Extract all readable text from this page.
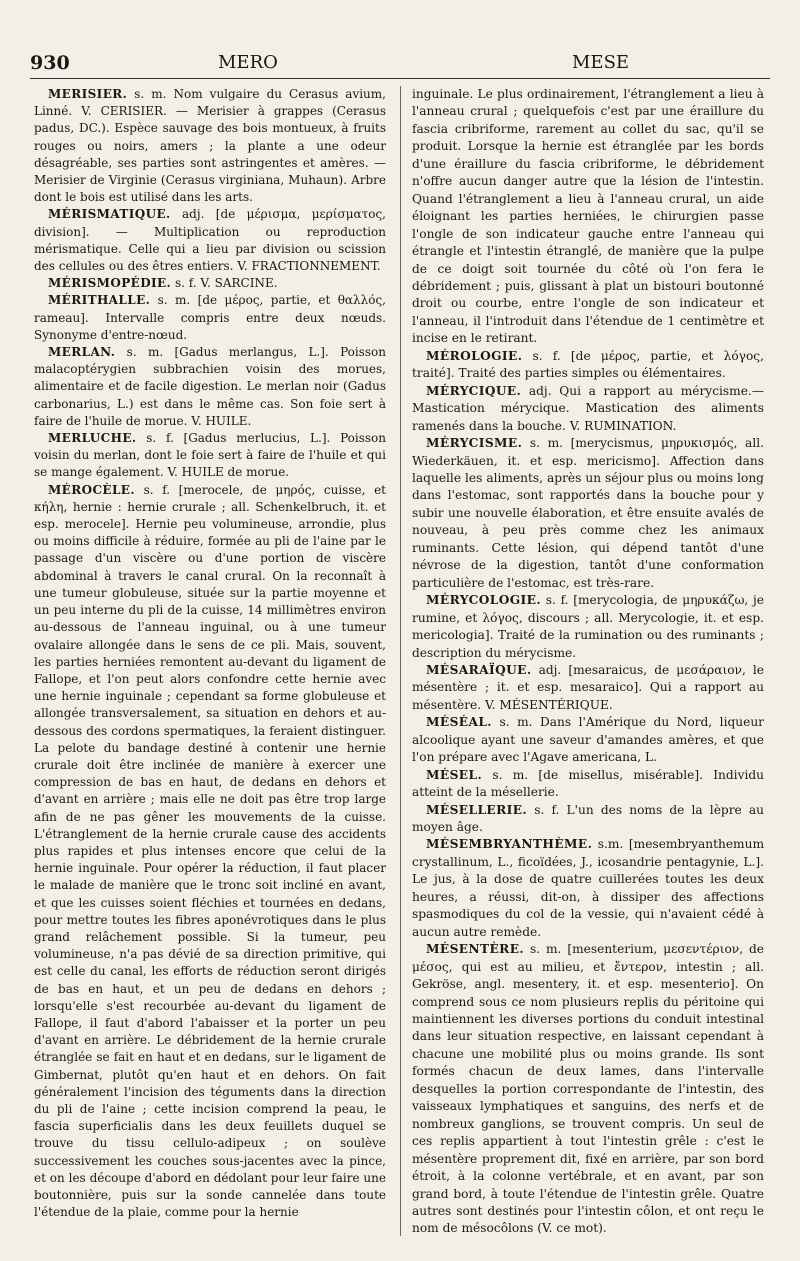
930	MERO	MESE

MERISIER. s. m. Nom vulgaire du Cerasus avium, Linné. V. CERISIER. — Merisier à grappes (Cerasus padus, DC.). Espèce sauvage des bois montueux, à fruits rouges ou noirs, amers ; la plante a une odeur désagréable, ses parties sont astringentes et amères. —Merisier de Virginie (Cerasus virginiana, Muhaun). Arbre dont le bois est utilisé dans les arts.

MÉRISMATIQUE. adj. [de μέρισμα, μερίσματος, division]. — Multiplication ou reproduction mérismatique. Celle qui a lieu par division ou scission des cellules ou des êtres entiers. V. FRACTIONNEMENT.

MÉRISMOPÉDIE. s. f. V. SARCINE.

MÉRITHALLE. s. m. [de μέρος, partie, et θαλλός, rameau]. Intervalle compris entre deux nœuds. Synonyme d'entre-nœud.

MERLAN. s. m. [Gadus merlangus, L.]. Poisson malacoptérygien subbrachien voisin des morues, alimentaire et de facile digestion. Le merlan noir (Gadus carbonarius, L.) est dans le même cas. Son foie sert à faire de l'huile de morue. V. HUILE.

MERLUCHE. s. f. [Gadus merlucius, L.]. Poisson voisin du merlan, dont le foie sert à faire de l'huile et qui se mange également. V. HUILE de morue.

MÉROCÈLE. s. f. [merocele, de μηρός, cuisse, et κήλη, hernie : hernie crurale ; all. Schenkelbruch, it. et esp. merocele]. Hernie peu volumineuse, arrondie, plus ou moins difficile à réduire, formée au pli de l'aine par le passage d'un viscère ou d'une portion de viscère abdominal à travers le canal crural. On la reconnaît à une tumeur globuleuse, située sur la partie moyenne et un peu interne du pli de la cuisse, 14 millimètres environ au-dessous de l'anneau inguinal, ou à une tumeur ovalaire allongée dans le sens de ce pli. Mais, souvent, les parties herniées remontent au-devant du ligament de Fallope, et l'on peut alors confondre cette hernie avec une hernie inguinale ; cependant sa forme globuleuse et allongée transversalement, sa situation en dehors et au-dessous des cordons spermatiques, la feraient distinguer. La pelote du bandage destiné à contenir une hernie crurale doit être inclinée de manière à exercer une compression de bas en haut, de dedans en dehors et d'avant en arrière ; mais elle ne doit pas être trop large afin de ne pas gêner les mouvements de la cuisse. L'étranglement de la hernie crurale cause des accidents plus rapides et plus intenses encore que celui de la hernie inguinale. Pour opérer la réduction, il faut placer le malade de manière que le tronc soit incliné en avant, et que les cuisses soient fléchies et tournées en dedans, pour mettre toutes les fibres aponévrotiques dans le plus grand relâchement possible. Si la tumeur, peu volumineuse, n'a pas dévié de sa direction primitive, qui est celle du canal, les efforts de réduction seront dirigés de bas en haut, et un peu de dedans en dehors ; lorsqu'elle s'est recourbée au-devant du ligament de Fallope, il faut d'abord l'abaisser et la porter un peu d'avant en arrière. Le débridement de la hernie crurale étranglée se fait en haut et en dedans, sur le ligament de Gimbernat, plutôt qu'en haut et en dehors. On fait généralement l'incision des téguments dans la direction du pli de l'aine ; cette incision comprend la peau, le fascia superficialis dans les deux feuillets duquel se trouve du tissu cellulo-adipeux ; on soulève successivement les couches sous-jacentes avec la pince, et on les découpe d'abord en dédolant pour leur faire une boutonnière, puis sur la sonde cannelée dans toute l'étendue de la plaie, comme pour la hernie

inguinale. Le plus ordinairement, l'étranglement a lieu à l'anneau crural ; quelquefois c'est par une éraillure du fascia cribriforme, rarement au collet du sac, qu'il se produit. Lorsque la hernie est étranglée par les bords d'une éraillure du fascia cribriforme, le débridement n'offre aucun danger autre que la lésion de l'intestin. Quand l'étranglement a lieu à l'anneau crural, un aide éloignant les parties herniées, le chirurgien passe l'ongle de son indicateur gauche entre l'anneau qui étrangle et l'intestin étranglé, de manière que la pulpe de ce doigt soit tournée du côté où l'on fera le débridement ; puis, glissant à plat un bistouri boutonné droit ou courbe, entre l'ongle de son indicateur et l'anneau, il l'introduit dans l'étendue de 1 centimètre et incise en le retirant.

MÉROLOGIE. s. f. [de μέρος, partie, et λόγος, traité]. Traité des parties simples ou élémentaires.

MÉRYCIQUE. adj. Qui a rapport au mérycisme.— Mastication mérycique. Mastication des aliments ramenés dans la bouche. V. RUMINATION.

MÉRYCISME. s. m. [merycismus, μηρυκισμός, all. Wiederkäuen, it. et esp. mericismo]. Affection dans laquelle les aliments, après un séjour plus ou moins long dans l'estomac, sont rapportés dans la bouche pour y subir une nouvelle élaboration, et être ensuite avalés de nouveau, à peu près comme chez les animaux ruminants. Cette lésion, qui dépend tantôt d'une névrose de la digestion, tantôt d'une conformation particulière de l'estomac, est très-rare.

MÉRYCOLOGIE. s. f. [merycologia, de μηρυκάζω, je rumine, et λόγος, discours ; all. Merycologie, it. et esp. mericologia]. Traité de la rumination ou des ruminants ; description du mérycisme.

MÉSARAÏQUE. adj. [mesaraicus, de μεσάραιον, le mésentère ; it. et esp. mesaraico]. Qui a rapport au mésentère. V. MÉSENTÉRIQUE.

MÉSÉAL. s. m. Dans l'Amérique du Nord, liqueur alcoolique ayant une saveur d'amandes amères, et que l'on prépare avec l'Agave americana, L.

MÉSEL. s. m. [de misellus, misérable]. Individu atteint de la mésellerie.

MÉSELLERIE. s. f. L'un des noms de la lèpre au moyen âge.

MÉSEMBRYANTHÈME. s.m. [mesembryanthemum crystallinum, L., ficoïdées, J., icosandrie pentagynie, L.]. Le jus, à la dose de quatre cuillerées toutes les deux heures, a réussi, dit-on, à dissiper des affections spasmodiques du col de la vessie, qui n'avaient cédé à aucun autre remède.

MÉSENTÈRE. s. m. [mesenterium, μεσεντέριον, de μέσος, qui est au milieu, et ἔντερον, intestin ; all. Gekröse, angl. mesentery, it. et esp. mesenterio]. On comprend sous ce nom plusieurs replis du péritoine qui maintiennent les diverses portions du conduit intestinal dans leur situation respective, en laissant cependant à chacune une mobilité plus ou moins grande. Ils sont formés chacun de deux lames, dans l'intervalle desquelles la portion correspondante de l'intestin, des vaisseaux lymphatiques et sanguins, des nerfs et de nombreux ganglions, se trouvent compris. Un seul de ces replis appartient à tout l'intestin grêle : c'est le mésentère proprement dit, fixé en arrière, par son bord étroit, à la colonne vertébrale, et en avant, par son grand bord, à toute l'étendue de l'intestin grêle. Quatre autres sont destinés pour l'intestin côlon, et ont reçu le nom de mésocôlons (V. ce mot).
